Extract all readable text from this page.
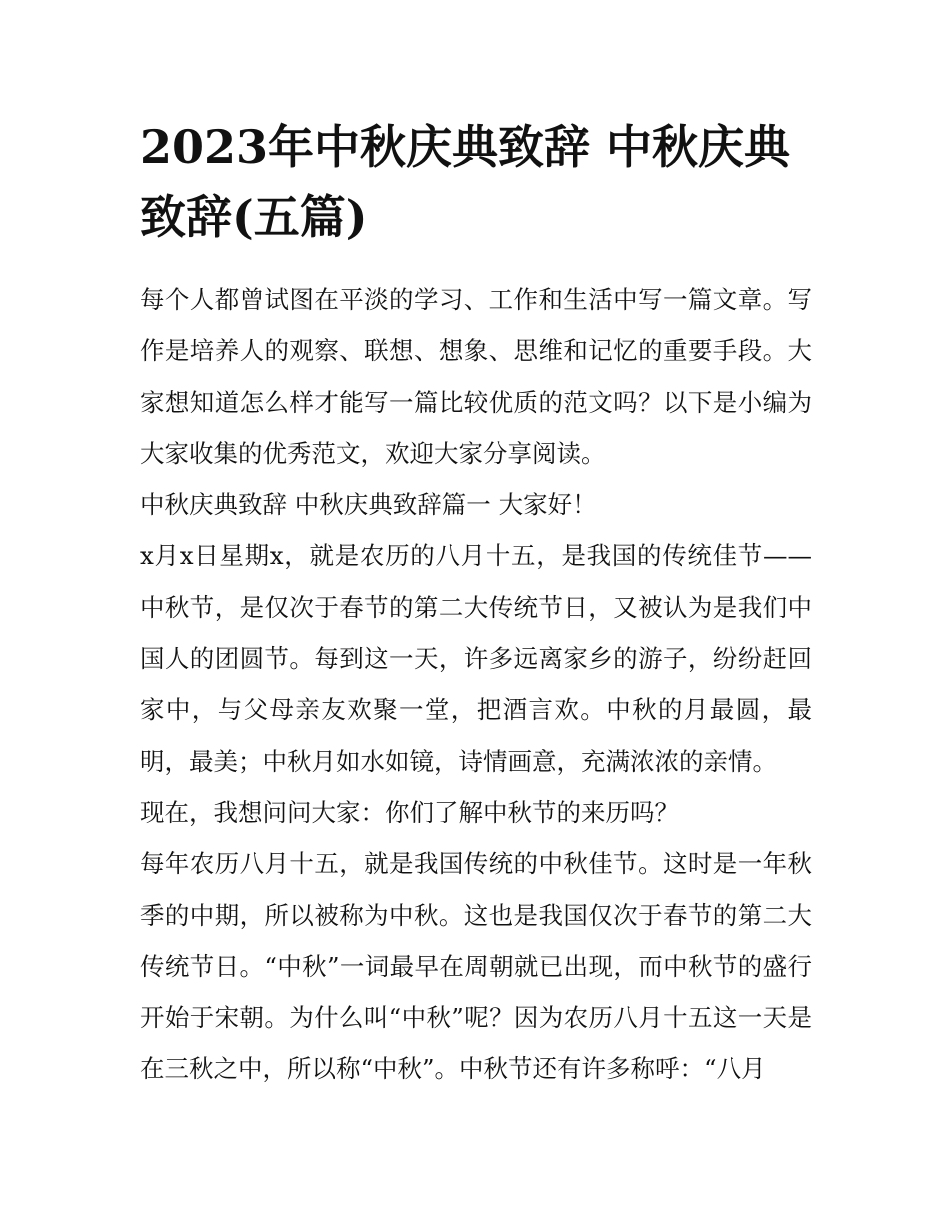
2023年中秋庆典致辞 中秋庆典致辞(五篇)

每个人都曾试图在平淡的学习、工作和生活中写一篇文章。写作是培养人的观察、联想、想象、思维和记忆的重要手段。大家想知道怎么样才能写一篇比较优质的范文吗？以下是小编为大家收集的优秀范文，欢迎大家分享阅读。

中秋庆典致辞 中秋庆典致辞篇一 大家好！

x月x日星期x，就是农历的八月十五，是我国的传统佳节——中秋节，是仅次于春节的第二大传统节日，又被认为是我们中国人的团圆节。每到这一天，许多远离家乡的游子，纷纷赶回家中，与父母亲友欢聚一堂，把酒言欢。中秋的月最圆，最明，最美；中秋月如水如镜，诗情画意，充满浓浓的亲情。

现在，我想问问大家：你们了解中秋节的来历吗？

每年农历八月十五，就是我国传统的中秋佳节。这时是一年秋季的中期，所以被称为中秋。这也是我国仅次于春节的第二大传统节日。“中秋”一词最早在周朝就已出现，而中秋节的盛行开始于宋朝。为什么叫“中秋”呢？因为农历八月十五这一天是在三秋之中，所以称“中秋”。中秋节还有许多称呼：“八月
